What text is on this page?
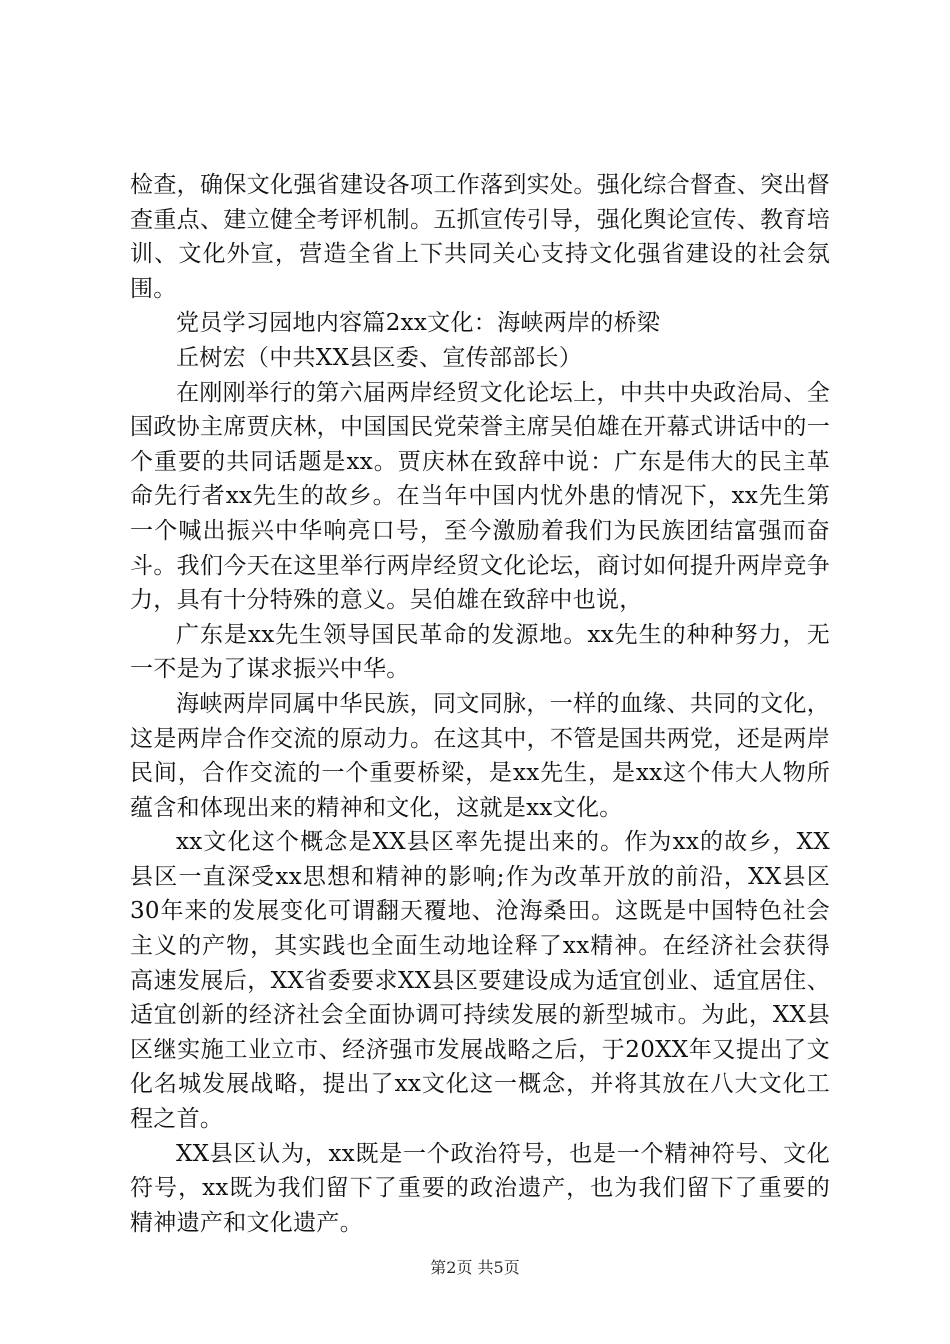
检查，确保文化强省建设各项工作落到实处。强化综合督查、突出督查重点、建立健全考评机制。五抓宣传引导，强化舆论宣传、教育培训、文化外宣，营造全省上下共同关心支持文化强省建设的社会氛围。

党员学习园地内容篇2xx文化：海峡两岸的桥梁

丘树宏（中共XX县区委、宣传部部长）

在刚刚举行的第六届两岸经贸文化论坛上，中共中央政治局、全国政协主席贾庆林，中国国民党荣誉主席吴伯雄在开幕式讲话中的一个重要的共同话题是xx。贾庆林在致辞中说：广东是伟大的民主革命先行者xx先生的故乡。在当年中国内忧外患的情况下，xx先生第一个喊出振兴中华响亮口号，至今激励着我们为民族团结富强而奋斗。我们今天在这里举行两岸经贸文化论坛，商讨如何提升两岸竞争力，具有十分特殊的意义。吴伯雄在致辞中也说，

广东是xx先生领导国民革命的发源地。xx先生的种种努力，无一不是为了谋求振兴中华。

海峡两岸同属中华民族，同文同脉，一样的血缘、共同的文化，这是两岸合作交流的原动力。在这其中，不管是国共两党，还是两岸民间，合作交流的一个重要桥梁，是xx先生，是xx这个伟大人物所蕴含和体现出来的精神和文化，这就是xx文化。

xx文化这个概念是XX县区率先提出来的。作为xx的故乡，XX县区一直深受xx思想和精神的影响;作为改革开放的前沿，XX县区30年来的发展变化可谓翻天覆地、沧海桑田。这既是中国特色社会主义的产物，其实践也全面生动地诠释了xx精神。在经济社会获得高速发展后，XX省委要求XX县区要建设成为适宜创业、适宜居住、适宜创新的经济社会全面协调可持续发展的新型城市。为此，XX县区继实施工业立市、经济强市发展战略之后，于20XX年又提出了文化名城发展战略，提出了xx文化这一概念，并将其放在八大文化工程之首。

XX县区认为，xx既是一个政治符号，也是一个精神符号、文化符号，xx既为我们留下了重要的政治遗产，也为我们留下了重要的精神遗产和文化遗产。

第2页 共5页
